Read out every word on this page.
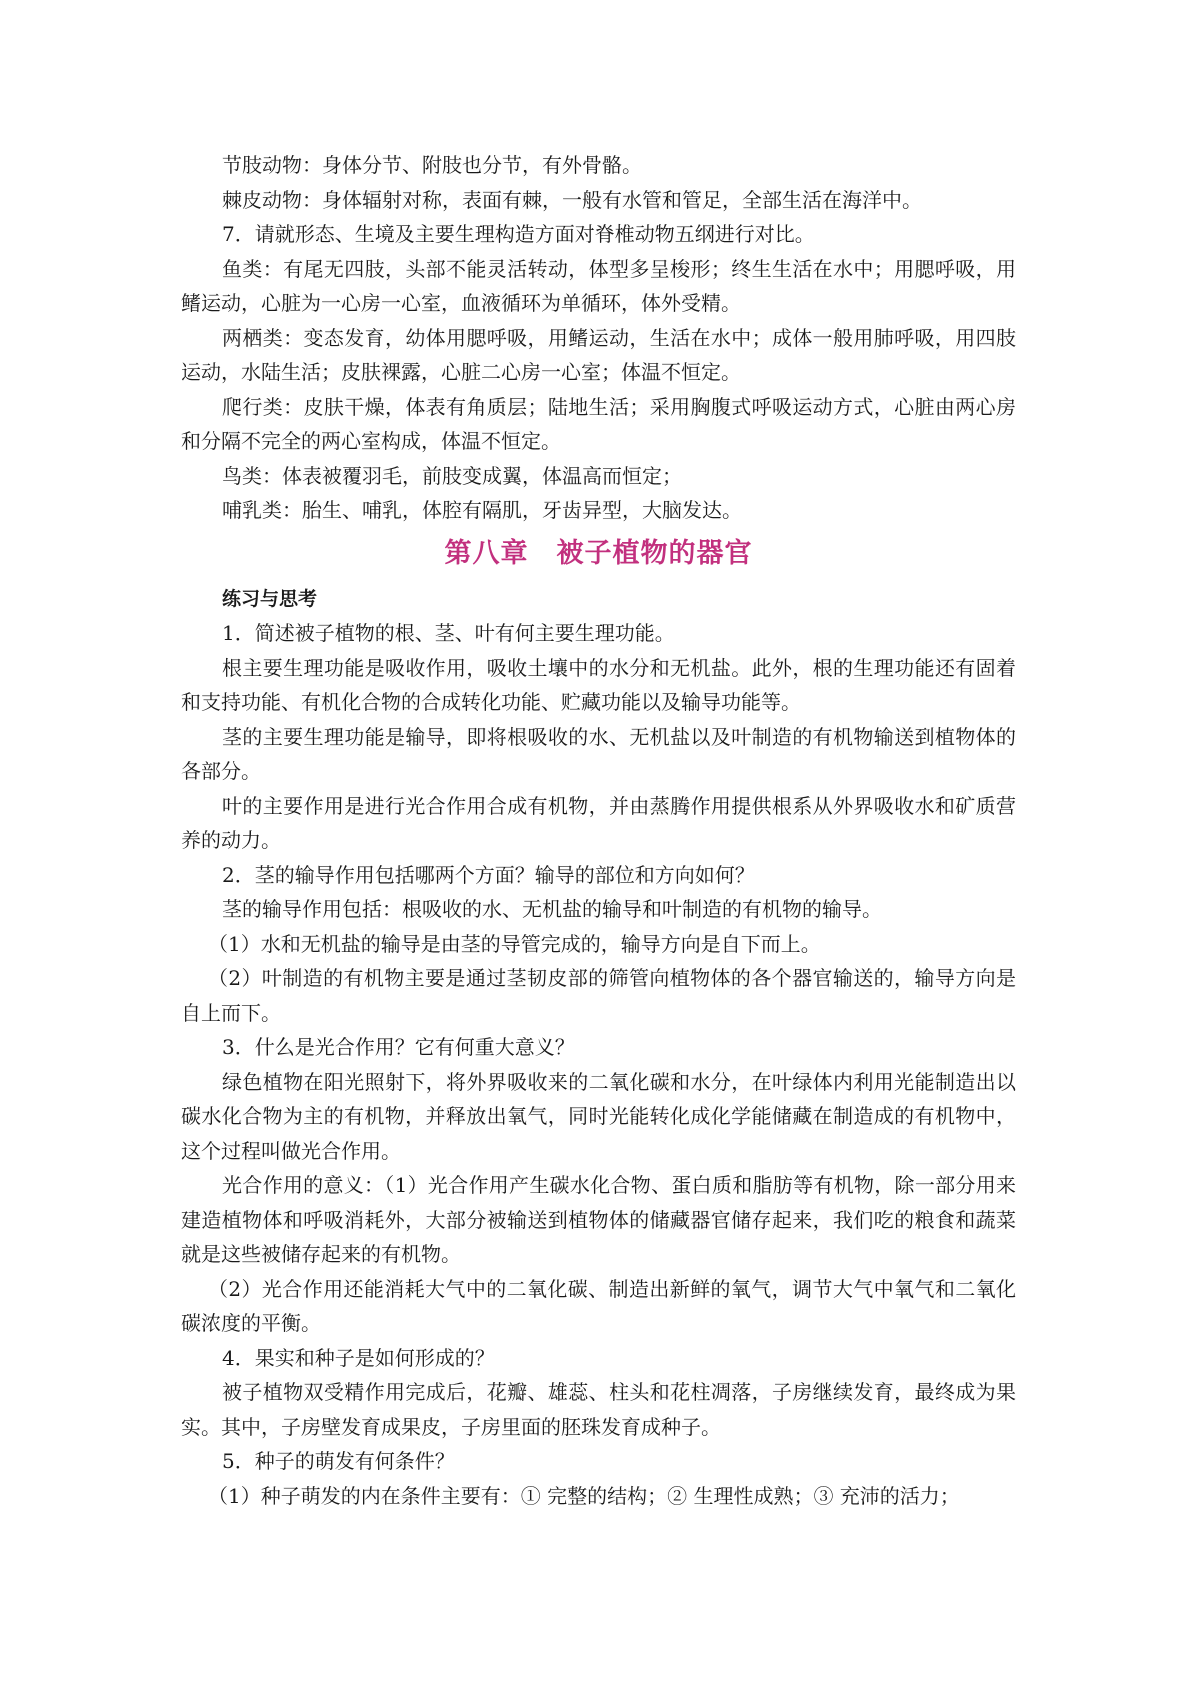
节肢动物：身体分节、附肢也分节，有外骨骼。

棘皮动物：身体辐射对称，表面有棘，一般有水管和管足，全部生活在海洋中。

7．请就形态、生境及主要生理构造方面对脊椎动物五纲进行对比。

鱼类：有尾无四肢，头部不能灵活转动，体型多呈梭形；终生生活在水中；用腮呼吸，用鳍运动，心脏为一心房一心室，血液循环为单循环，体外受精。

两栖类：变态发育，幼体用腮呼吸，用鳍运动，生活在水中；成体一般用肺呼吸，用四肢运动，水陆生活；皮肤裸露，心脏二心房一心室；体温不恒定。

爬行类：皮肤干燥，体表有角质层；陆地生活；采用胸腹式呼吸运动方式，心脏由两心房和分隔不完全的两心室构成，体温不恒定。

鸟类：体表被覆羽毛，前肢变成翼，体温高而恒定；

哺乳类：胎生、哺乳，体腔有隔肌，牙齿异型，大脑发达。

第八章　被子植物的器官

练习与思考

1．简述被子植物的根、茎、叶有何主要生理功能。

根主要生理功能是吸收作用，吸收土壤中的水分和无机盐。此外，根的生理功能还有固着和支持功能、有机化合物的合成转化功能、贮藏功能以及输导功能等。

茎的主要生理功能是输导，即将根吸收的水、无机盐以及叶制造的有机物输送到植物体的各部分。

叶的主要作用是进行光合作用合成有机物，并由蒸腾作用提供根系从外界吸收水和矿质营养的动力。

2．茎的输导作用包括哪两个方面？输导的部位和方向如何？

茎的输导作用包括：根吸收的水、无机盐的输导和叶制造的有机物的输导。

（1）水和无机盐的输导是由茎的导管完成的，输导方向是自下而上。

（2）叶制造的有机物主要是通过茎韧皮部的筛管向植物体的各个器官输送的，输导方向是自上而下。

3．什么是光合作用？它有何重大意义？

绿色植物在阳光照射下，将外界吸收来的二氧化碳和水分，在叶绿体内利用光能制造出以碳水化合物为主的有机物，并释放出氧气，同时光能转化成化学能储藏在制造成的有机物中，这个过程叫做光合作用。

光合作用的意义：（1）光合作用产生碳水化合物、蛋白质和脂肪等有机物，除一部分用来建造植物体和呼吸消耗外，大部分被输送到植物体的储藏器官储存起来，我们吃的粮食和蔬菜就是这些被储存起来的有机物。

（2）光合作用还能消耗大气中的二氧化碳、制造出新鲜的氧气，调节大气中氧气和二氧化碳浓度的平衡。

4．果实和种子是如何形成的？

被子植物双受精作用完成后，花瓣、雄蕊、柱头和花柱凋落，子房继续发育，最终成为果实。其中，子房壁发育成果皮，子房里面的胚珠发育成种子。

5．种子的萌发有何条件？

（1）种子萌发的内在条件主要有：① 完整的结构；② 生理性成熟；③ 充沛的活力；
